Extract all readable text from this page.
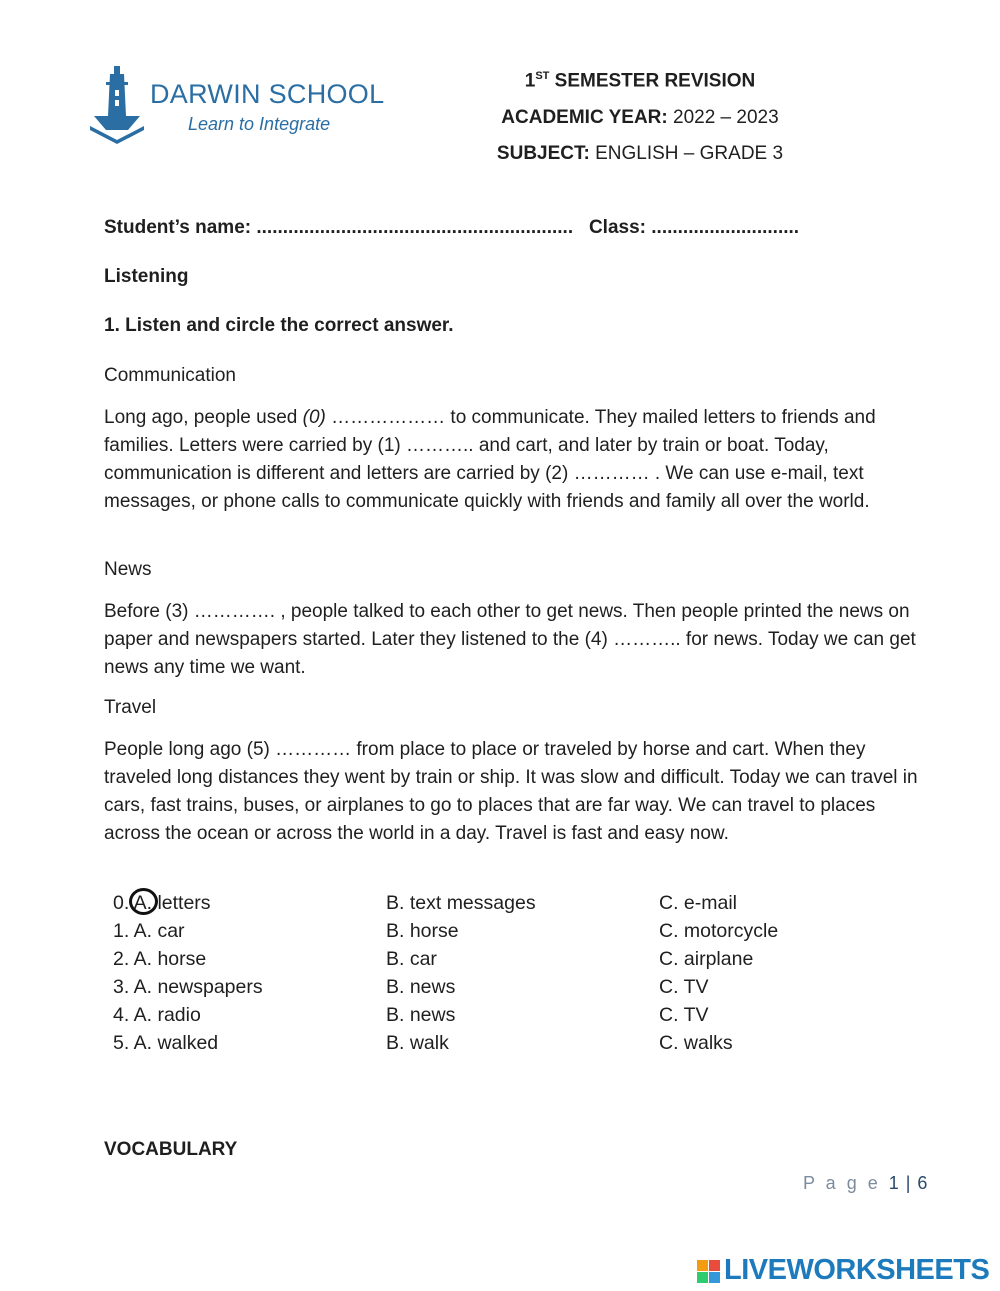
DARWIN SCHOOL
Learn to Integrate
1ST SEMESTER REVISION
ACADEMIC YEAR: 2022 – 2023
SUBJECT: ENGLISH – GRADE 3
Student’s name: ............................................................ Class: ............................
Listening
1. Listen and circle the correct answer.
Communication

Long ago, people used (0) ……………… to communicate. They mailed letters to friends and families. Letters were carried by (1) ……….. and cart, and later by train or boat. Today, communication is different and letters are carried by (2) ………… . We can use e-mail, text messages, or phone calls to communicate quickly with friends and family all over the world.

News

Before (3) …………. , people talked to each other to get news. Then people printed the news on paper and newspapers started. Later they listened to the (4) ……….. for news. Today we can get news any time we want.

Travel

People long ago (5) ………… from place to place or traveled by horse and cart. When they traveled long distances they went by train or ship. It was slow and difficult. Today we can travel in cars, fast trains, buses, or airplanes to go to places that are far way. We can travel to places across the ocean or across the world in a day. Travel is fast and easy now.

0. A. letters	B. text messages	C. e-mail
1. A. car	B. horse	C. motorcycle
2. A. horse	B. car	C. airplane
3. A. newspapers	B. news	C. TV
4. A. radio	B. news	C. TV
5. A. walked	B. walk	C. walks
VOCABULARY
P a g e 1 | 6
LIVEWORKSHEETS
